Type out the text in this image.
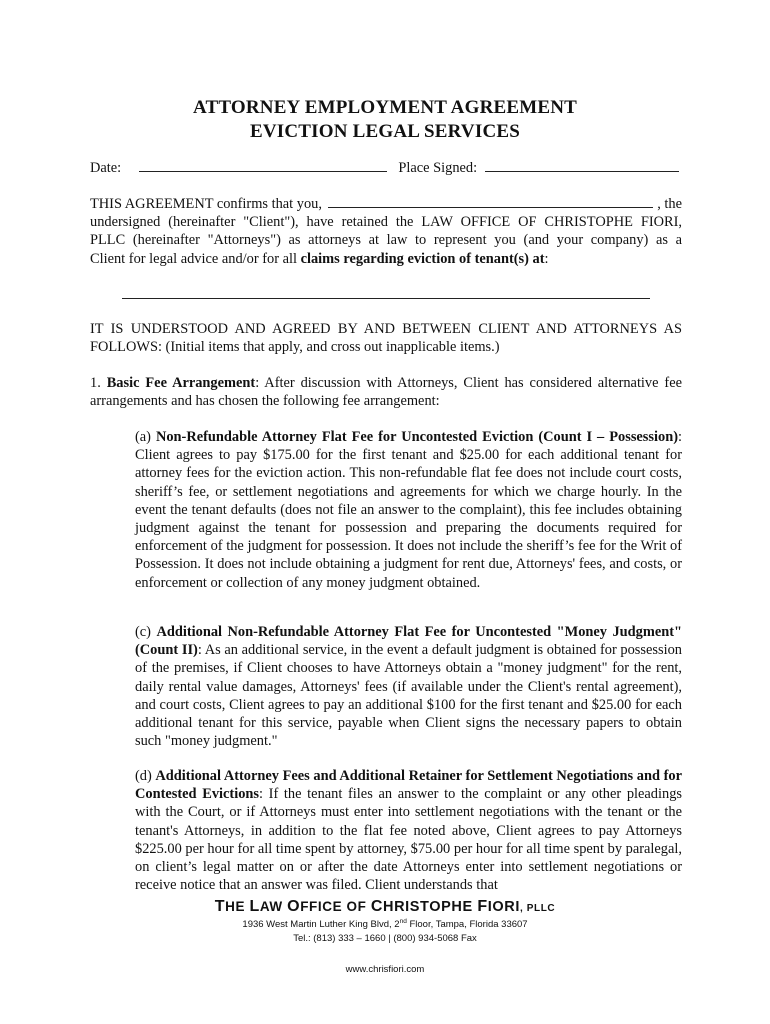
ATTORNEY EMPLOYMENT AGREEMENT
EVICTION LEGAL SERVICES
Date:	Place Signed:
THIS AGREEMENT confirms that you,	, the
undersigned (hereinafter "Client"), have retained the LAW OFFICE OF CHRISTOPHE FIORI,
PLLC (hereinafter "Attorneys") as attorneys at law to represent you (and your company) as a
Client for legal advice and/or for all claims regarding eviction of tenant(s) at:
IT IS UNDERSTOOD AND AGREED BY AND BETWEEN CLIENT AND ATTORNEYS AS
FOLLOWS: (Initial items that apply, and cross out inapplicable items.)
1. Basic Fee Arrangement: After discussion with Attorneys, Client has considered alternative fee arrangements and has chosen the following fee arrangement:
(a) Non-Refundable Attorney Flat Fee for Uncontested Eviction (Count I – Possession): Client agrees to pay $175.00 for the first tenant and $25.00 for each additional tenant for attorney fees for the eviction action. This non-refundable flat fee does not include court costs, sheriff’s fee, or settlement negotiations and agreements for which we charge hourly. In the event the tenant defaults (does not file an answer to the complaint), this fee includes obtaining judgment against the tenant for possession and preparing the documents required for enforcement of the judgment for possession. It does not include the sheriff’s fee for the Writ of Possession. It does not include obtaining a judgment for rent due, Attorneys' fees, and costs, or enforcement or collection of any money judgment obtained.
(c) Additional Non-Refundable Attorney Flat Fee for Uncontested "Money Judgment" (Count II): As an additional service, in the event a default judgment is obtained for possession of the premises, if Client chooses to have Attorneys obtain a "money judgment" for the rent, daily rental value damages, Attorneys' fees (if available under the Client's rental agreement), and court costs, Client agrees to pay an additional $100 for the first tenant and $25.00 for each additional tenant for this service, payable when Client signs the necessary papers to obtain such "money judgment."
(d) Additional Attorney Fees and Additional Retainer for Settlement Negotiations and for Contested Evictions: If the tenant files an answer to the complaint or any other pleadings with the Court, or if Attorneys must enter into settlement negotiations with the tenant or the tenant's Attorneys, in addition to the flat fee noted above, Client agrees to pay Attorneys $225.00 per hour for all time spent by attorney, $75.00 per hour for all time spent by paralegal, on client’s legal matter on or after the date Attorneys enter into settlement negotiations or receive notice that an answer was filed. Client understands that
THE LAW OFFICE OF CHRISTOPHE FIORI, PLLC
1936 West Martin Luther King Blvd, 2nd Floor, Tampa, Florida 33607
Tel.: (813) 333 – 1660 | (800) 934-5068 Fax
www.chrisfiori.com
